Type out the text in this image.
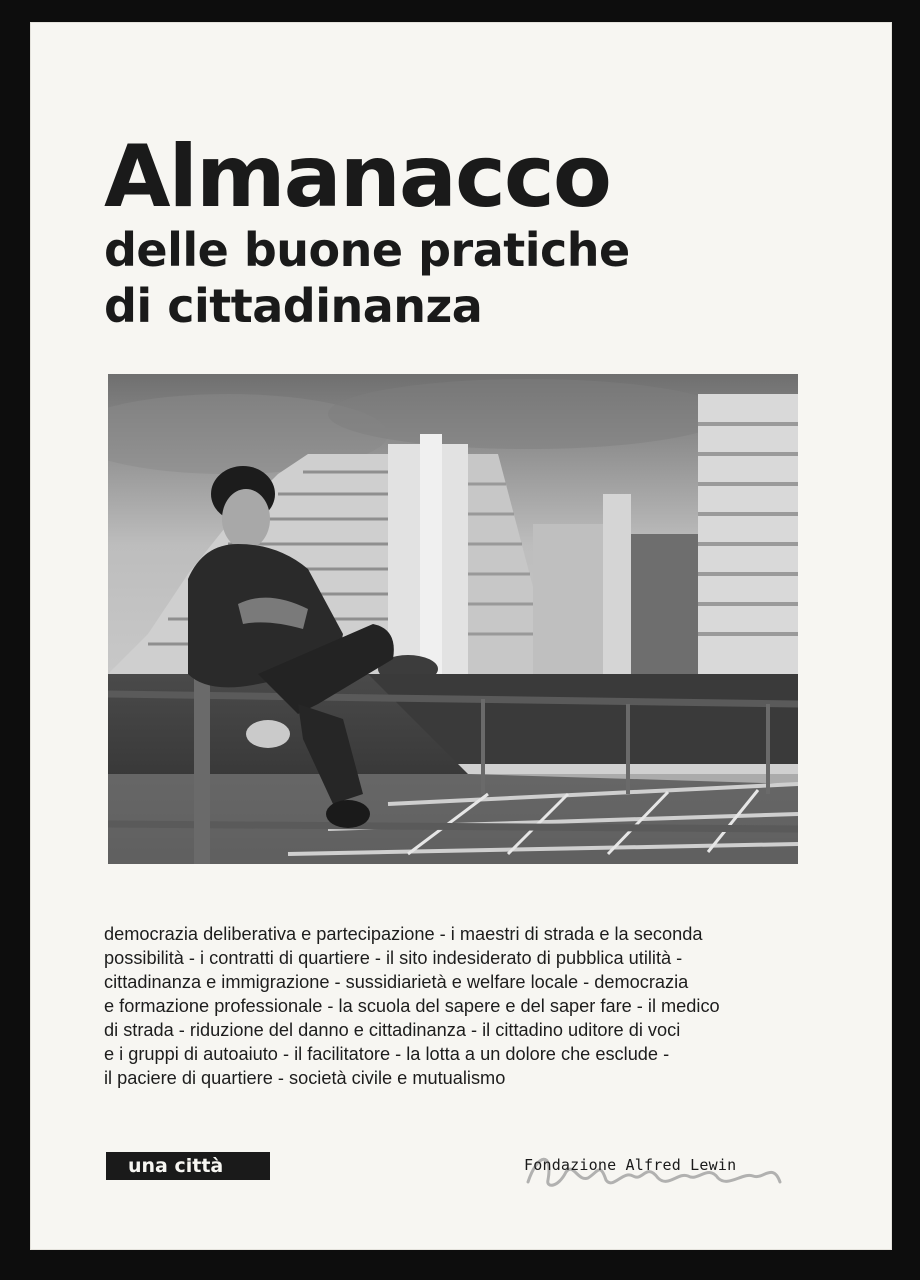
Almanacco
delle buone pratiche
di cittadinanza
democrazia deliberativa e partecipazione - i maestri di strada e la seconda
possibilità - i contratti di quartiere - il sito indesiderato di pubblica utilità -
cittadinanza e immigrazione - sussidiarietà e welfare locale - democrazia
e formazione professionale - la scuola del sapere e del saper fare - il medico
di strada - riduzione del danno e cittadinanza - il cittadino uditore di voci
e i gruppi di autoaiuto - il facilitatore - la lotta a un dolore che esclude -
il paciere di quartiere - società civile e mutualismo
una città	Fondazione Alfred Lewin
